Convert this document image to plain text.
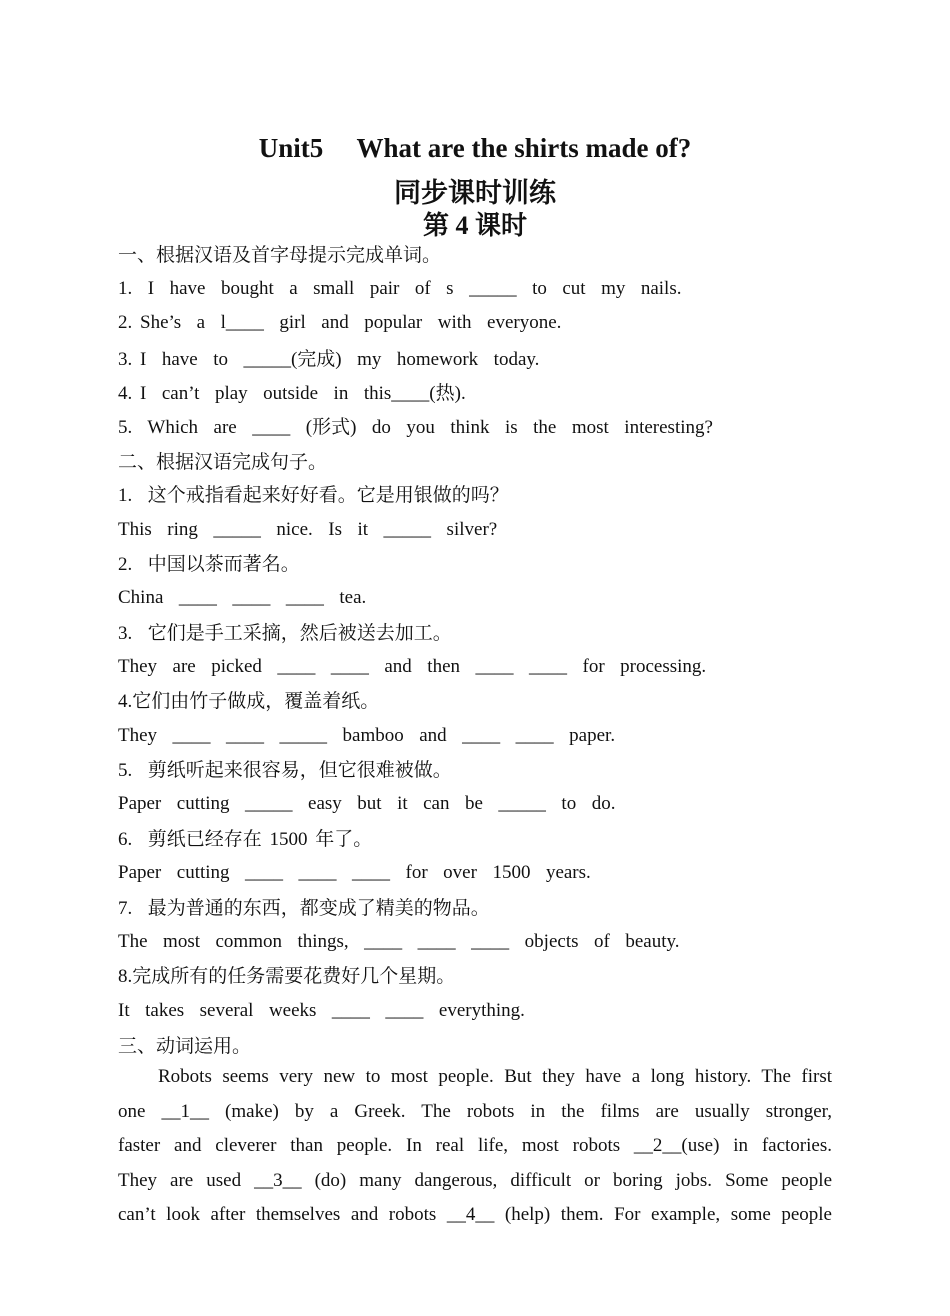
Unit5     What are the shirts made of?
同步课时训练
第 4 课时
一、根据汉语及首字母提示完成单词。
1.  I  have  bought  a  small  pair  of  s  _____  to  cut  my  nails.
2. She’s  a  l____  girl  and  popular  with  everyone.
3. I  have  to  _____(完成)  my  homework  today.
4. I  can’t  play  outside  in  this____(热).
5.  Which  are  ____  (形式)  do  you  think  is  the  most  interesting?
二、根据汉语完成句子。
1.  这个戒指看起来好好看。它是用银做的吗？
This  ring  _____  nice.  Is  it  _____  silver?
2.  中国以茶而著名。
China  ____  ____  ____  tea.
3.  它们是手工采摘，然后被送去加工。
They  are  picked  ____  ____  and  then  ____  ____  for  processing.
4.它们由竹子做成，覆盖着纸。
They  ____  ____  _____  bamboo  and  ____  ____  paper.
5.  剪纸听起来很容易，但它很难被做。
Paper  cutting  _____  easy  but  it  can  be  _____  to  do.
6.  剪纸已经存在 1500 年了。
Paper  cutting  ____  ____  ____  for  over  1500  years.
7.  最为普通的东西，都变成了精美的物品。
The  most  common  things,  ____  ____  ____  objects  of  beauty.
8.完成所有的任务需要花费好几个星期。
It  takes  several  weeks  ____  ____  everything.
三、动词运用。
Robots seems very new to most people. But they have a long history. The first
one __1__ (make) by a Greek. The robots in the films are usually stronger,
faster and cleverer than people. In real life, most robots __2__(use) in factories.
They are used __3__ (do) many dangerous, difficult or boring jobs. Some people
can’t look after themselves and robots __4__ (help) them. For example, some people
